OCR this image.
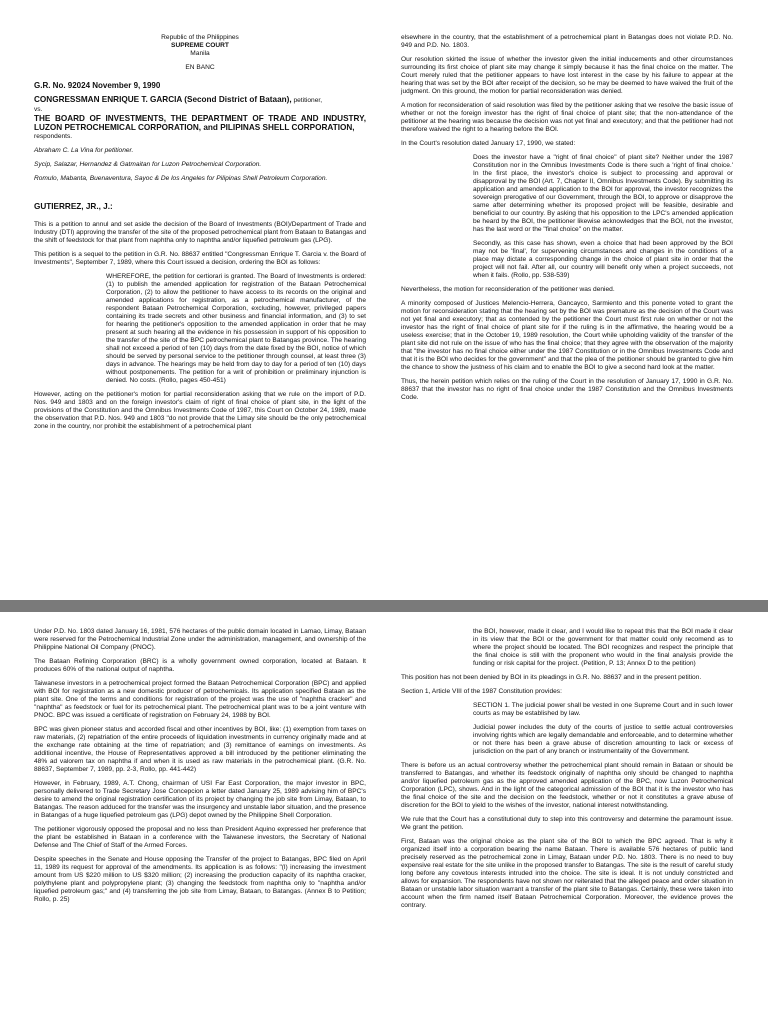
Republic of the Philippines

SUPREME COURT

Manila

EN BANC

G.R. No. 92024 November 9, 1990

CONGRESSMAN ENRIQUE T. GARCIA (Second District of Bataan), petitioner,

vs.

THE BOARD OF INVESTMENTS, THE DEPARTMENT OF TRADE AND INDUSTRY, LUZON PETROCHEMICAL CORPORATION, and PILIPINAS SHELL CORPORATION,

respondents.

Abraham C. La Vina for petitioner.

Sycip, Salazar, Hernandez & Gatmaitan for Luzon Petrochemical Corporation.

Romulo, Mabanta, Buenaventura, Sayoc & De los Angeles for Pilipinas Shell Petroleum Corporation.

GUTIERREZ, JR., J.:

This is a petition to annul and set aside the decision of the Board of Investments (BOI)/Department of Trade and Industry (DTI) approving the transfer of the site of the proposed petrochemical plant from Bataan to Batangas and the shift of feedstock for that plant from naphtha only to naphtha and/or liquefied petroleum gas (LPG).

This petition is a sequel to the petition in G.R. No. 88637 entitled "Congressman Enrique T. Garcia v. the Board of Investments", September 7, 1989, where this Court issued a decision, ordering the BOI as follows:

WHEREFORE, the petition for certiorari is granted. The Board of Investments is ordered: (1) to publish the amended application for registration of the Bataan Petrochemical Corporation, (2) to allow the petitioner to have access to its records on the original and amended applications for registration, as a petrochemical manufacturer, of the respondent Bataan Petrochemical Corporation, excluding, however, privileged papers containing its trade secrets and other business and financial information, and (3) to set for hearing the petitioner's opposition to the amended application in order that he may present at such hearing all the evidence in his possession in support of his opposition to the transfer of the site of the BPC petrochemical plant to Batangas province. The hearing shall not exceed a period of ten (10) days from the date fixed by the BOI, notice of which should be served by personal service to the petitioner through counsel, at least three (3) days in advance. The hearings may be held from day to day for a period of ten (10) days without postponements. The petition for a writ of prohibition or preliminary injunction is denied. No costs. (Rollo, pages 450-451)

However, acting on the petitioner's motion for partial reconsideration asking that we rule on the import of P.D. Nos. 949 and 1803 and on the foreign investor's claim of right of final choice of plant site, in the light of the provisions of the Constitution and the Omnibus Investments Code of 1987, this Court on October 24, 1989, made the observation that P.D. Nos. 949 and 1803 "do not provide that the Limay site should be the only petrochemical zone in the country, nor prohibit the establishment of a petrochemical plant

elsewhere in the country, that the establishment of a petrochemical plant in Batangas does not violate P.D. No. 949 and P.D. No. 1803.

Our resolution skirted the issue of whether the investor given the initial inducements and other circumstances surrounding its first choice of plant site may change it simply because it has the final choice on the matter. The Court merely ruled that the petitioner appears to have lost interest in the case by his failure to appear at the hearing that was set by the BOI after receipt of the decision, so he may be deemed to have waived the fruit of the judgment. On this ground, the motion for partial reconsideration was denied.

A motion for reconsideration of said resolution was filed by the petitioner asking that we resolve the basic issue of whether or not the foreign investor has the right of final choice of plant site; that the non-attendance of the petitioner at the hearing was because the decision was not yet final and executory; and that the petitioner had not therefore waived the right to a hearing before the BOI.

In the Court's resolution dated January 17, 1990, we stated:

Does the investor have a "right of final choice" of plant site? Neither under the 1987 Constitution nor in the Omnibus Investments Code is there such a 'right of final choice.' In the first place, the investor's choice is subject to processing and approval or disapproval by the BOI (Art. 7, Chapter II, Omnibus Investments Code). By submitting its application and amended application to the BOI for approval, the investor recognizes the sovereign prerogative of our Government, through the BOI, to approve or disapprove the same after determining whether its proposed project will be feasible, desirable and beneficial to our country. By asking that his opposition to the LPC's amended application be heard by the BOI, the petitioner likewise acknowledges that the BOI, not the investor, has the last word or the "final choice" on the matter.

Secondly, as this case has shown, even a choice that had been approved by the BOI may not be 'final', for supervening circumstances and changes in the conditions of a place may dictate a corresponding change in the choice of plant site in order that the project will not fail. After all, our country will benefit only when a project succeeds, not when it fails. (Rollo, pp. 538-539)

Nevertheless, the motion for reconsideration of the petitioner was denied.

A minority composed of Justices Melencio-Herrera, Gancayco, Sarmiento and this ponente voted to grant the motion for reconsideration stating that the hearing set by the BOI was premature as the decision of the Court was not yet final and executory; that as contended by the petitioner the Court must first rule on whether or not the investor has the right of final choice of plant site for if the ruling is in the affirmative, the hearing would be a useless exercise; that in the October 19, 1989 resolution, the Court while upholding validity of the transfer of the plant site did not rule on the issue of who has the final choice; that they agree with the observation of the majority that "the investor has no final choice either under the 1987 Constitution or in the Omnibus Investments Code and that it is the BOI who decides for the government" and that the plea of the petitioner should be granted to give him the chance to show the justness of his claim and to enable the BOI to give a second hard look at the matter.

Thus, the herein petition which relies on the ruling of the Court in the resolution of January 17, 1990 in G.R. No. 88637 that the investor has no right of final choice under the 1987 Constitution and the Omnibus Investments Code.

Under P.D. No. 1803 dated January 16, 1981, 576 hectares of the public domain located in Lamao, Limay, Bataan were reserved for the Petrochemical Industrial Zone under the administration, management, and ownership of the Philippine National Oil Company (PNOC).

The Bataan Refining Corporation (BRC) is a wholly government owned corporation, located at Bataan. It produces 60% of the national output of naphtha.

Taiwanese investors in a petrochemical project formed the Bataan Petrochemical Corporation (BPC) and applied with BOI for registration as a new domestic producer of petrochemicals. Its application specified Bataan as the plant site. One of the terms and conditions for registration of the project was the use of "naphtha cracker" and "naphtha" as feedstock or fuel for its petrochemical plant. The petrochemical plant was to be a joint venture with PNOC. BPC was issued a certificate of registration on February 24, 1988 by BOI.

BPC was given pioneer status and accorded fiscal and other incentives by BOI, like: (1) exemption from taxes on raw materials, (2) repatriation of the entire proceeds of liquidation investments in currency originally made and at the exchange rate obtaining at the time of repatriation; and (3) remittance of earnings on investments. As additional incentive, the House of Representatives approved a bill introduced by the petitioner eliminating the 48% ad valorem tax on naphtha if and when it is used as raw materials in the petrochemical plant. (G.R. No. 88637, September 7, 1989, pp. 2-3, Rollo, pp. 441-442)

However, in February, 1989, A.T. Chong, chairman of USI Far East Corporation, the major investor in BPC, personally delivered to Trade Secretary Jose Concepcion a letter dated January 25, 1989 advising him of BPC's desire to amend the original registration certification of its project by changing the job site from Limay, Bataan, to Batangas. The reason adduced for the transfer was the insurgency and unstable labor situation, and the presence in Batangas of a huge liquefied petroleum gas (LPG) depot owned by the Philippine Shell Corporation.

The petitioner vigorously opposed the proposal and no less than President Aquino expressed her preference that the plant be established in Bataan in a conference with the Taiwanese investors, the Secretary of National Defense and The Chief of Staff of the Armed Forces.

Despite speeches in the Senate and House opposing the Transfer of the project to Batangas, BPC filed on April 11, 1989 its request for approval of the amendments. Its application is as follows: "(l) increasing the investment amount from US $220 million to US $320 million; (2) increasing the production capacity of its naphtha cracker, polythylene plant and polypropylene plant; (3) changing the feedstock from naphtha only to "naphtha and/or liquefied petroleum gas;" and (4) transferring the job site from Limay, Bataan, to Batangas. (Annex B to Petition; Rollo, p. 25)

the BOI, however, made it clear, and I would like to repeat this that the BOI made it clear in its view that the BOI or the government for that matter could only recomend as to where the project should be located. The BOI recognizes and respect the principle that the final choice is still with the proponent who would in the final analysis provide the funding or risk capital for the project. (Petition, P. 13; Annex D to the petition)

This position has not been denied by BOI in its pleadings in G.R. No. 88637 and in the present petition.

Section 1, Article VIII of the 1987 Constitution provides:

SECTION 1. The judicial power shall be vested in one Supreme Court and in such lower courts as may be established by law.

Judicial power includes the duty of the courts of justice to settle actual controversies involving rights which are legally demandable and enforceable, and to determine whether or not there has been a grave abuse of discretion amounting to lack or excess of jurisdiction on the part of any branch or instrumentality of the Government.

There is before us an actual controversy whether the petrochemical plant should remain in Bataan or should be transferred to Batangas, and whether its feedstock originally of naphtha only should be changed to naphtha and/or liquefied petroleum gas as the approved amended application of the BPC, now Luzon Petrochemical Corporation (LPC), shows. And in the light of the categorical admission of the BOI that it is the investor who has the final choice of the site and the decision on the feedstock, whether or not it constitutes a grave abuse of discretion for the BOI to yield to the wishes of the investor, national interest notwithstanding.

We rule that the Court has a constitutional duty to step into this controversy and determine the paramount issue. We grant the petition.

First, Bataan was the original choice as the plant site of the BOI to which the BPC agreed. That is why it organized itself into a corporation bearing the name Bataan. There is available 576 hectares of public land precisely reserved as the petrochemical zone in Limay, Bataan under P.D. No. 1803. There is no need to buy expensive real estate for the site unlike in the proposed transfer to Batangas. The site is the result of careful study long before any covetous interests intruded into the choice. The site is ideal. It is not unduly constricted and allows for expansion. The respondents have not shown nor reiterated that the alleged peace and order situation in Bataan or unstable labor situation warrant a transfer of the plant site to Batangas. Certainly, these were taken into account when the firm named itself Bataan Petrochemical Corporation. Moreover, the evidence proves the contrary.
